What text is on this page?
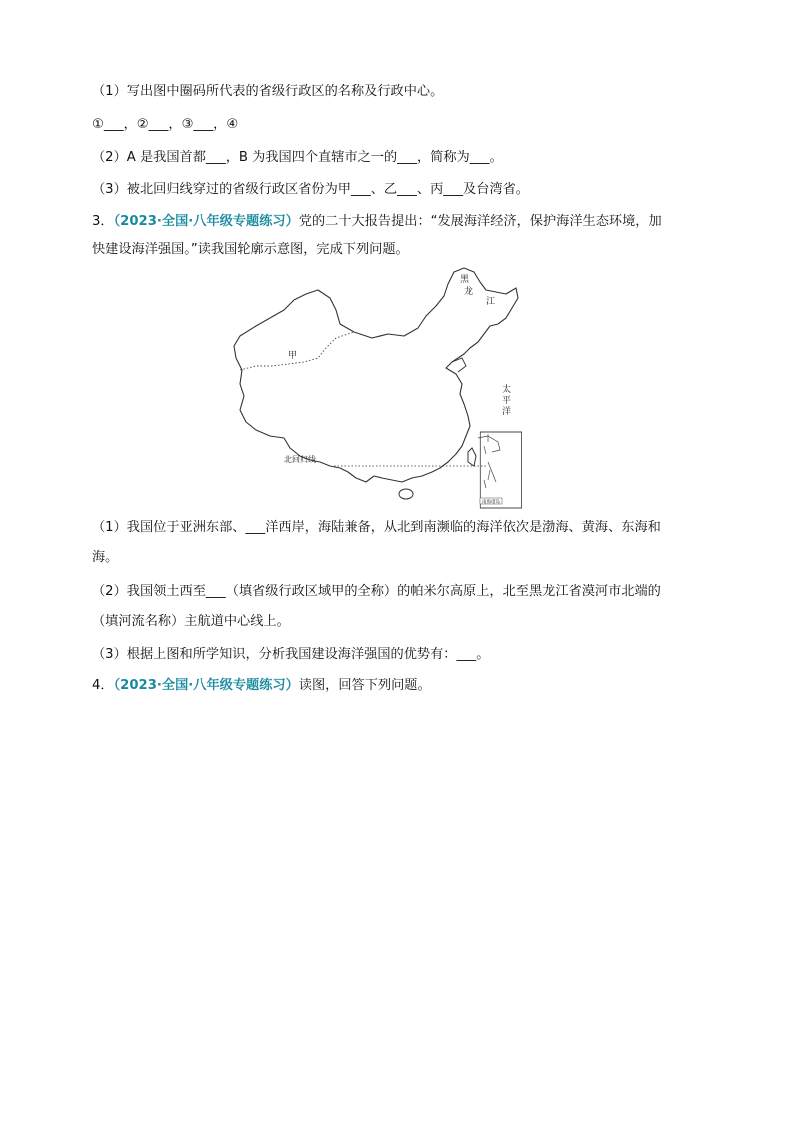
（1）写出图中圈码所代表的省级行政区的名称及行政中心。
①___，②___，③___，④
（2）A 是我国首都___，B 为我国四个直辖市之一的___，简称为___。
（3）被北回归线穿过的省级行政区省份为甲___、乙___、丙___及台湾省。
3．（2023·全国·八年级专题练习）党的二十大报告提出：“发展海洋经济，保护海洋生态环境，加
快建设海洋强国。”读我国轮廓示意图，完成下列问题。
南海诸岛
黑
龙
江
甲
太
平
洋
北回归线
（1）我国位于亚洲东部、___洋西岸，海陆兼备，从北到南濒临的海洋依次是渤海、黄海、东海和
海。
（2）我国领土西至___（填省级行政区域甲的全称）的帕米尔高原上，北至黑龙江省漠河市北端的
（填河流名称）主航道中心线上。
（3）根据上图和所学知识，分析我国建设海洋强国的优势有：___。
4．（2023·全国·八年级专题练习）读图，回答下列问题。
